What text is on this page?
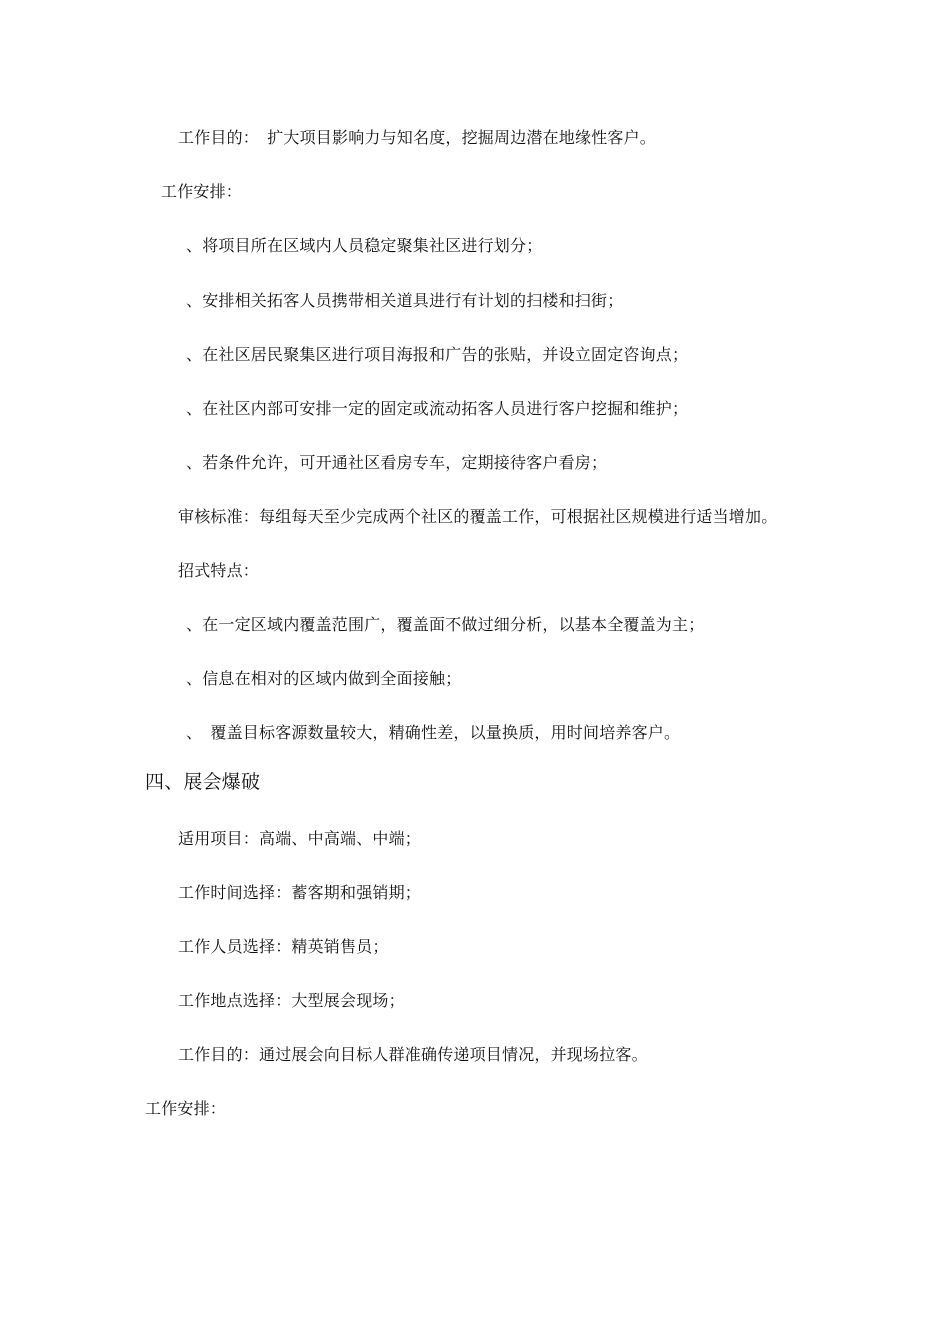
工作目的：　扩大项目影响力与知名度，挖掘周边潜在地缘性客户。
工作安排：
、将项目所在区域内人员稳定聚集社区进行划分；
、安排相关拓客人员携带相关道具进行有计划的扫楼和扫街；
、在社区居民聚集区进行项目海报和广告的张贴，并设立固定咨询点；
、在社区内部可安排一定的固定或流动拓客人员进行客户挖掘和维护；
、若条件允许，可开通社区看房专车，定期接待客户看房；
审核标准：每组每天至少完成两个社区的覆盖工作，可根据社区规模进行适当增加。
招式特点：
、在一定区域内覆盖范围广，覆盖面不做过细分析，以基本全覆盖为主；
、信息在相对的区域内做到全面接触；
、　覆盖目标客源数量较大，精确性差，以量换质，用时间培养客户。
四、展会爆破
适用项目：高端、中高端、中端；
工作时间选择：蓄客期和强销期；
工作人员选择：精英销售员；
工作地点选择：大型展会现场；
工作目的：通过展会向目标人群准确传递项目情况，并现场拉客。
工作安排：
